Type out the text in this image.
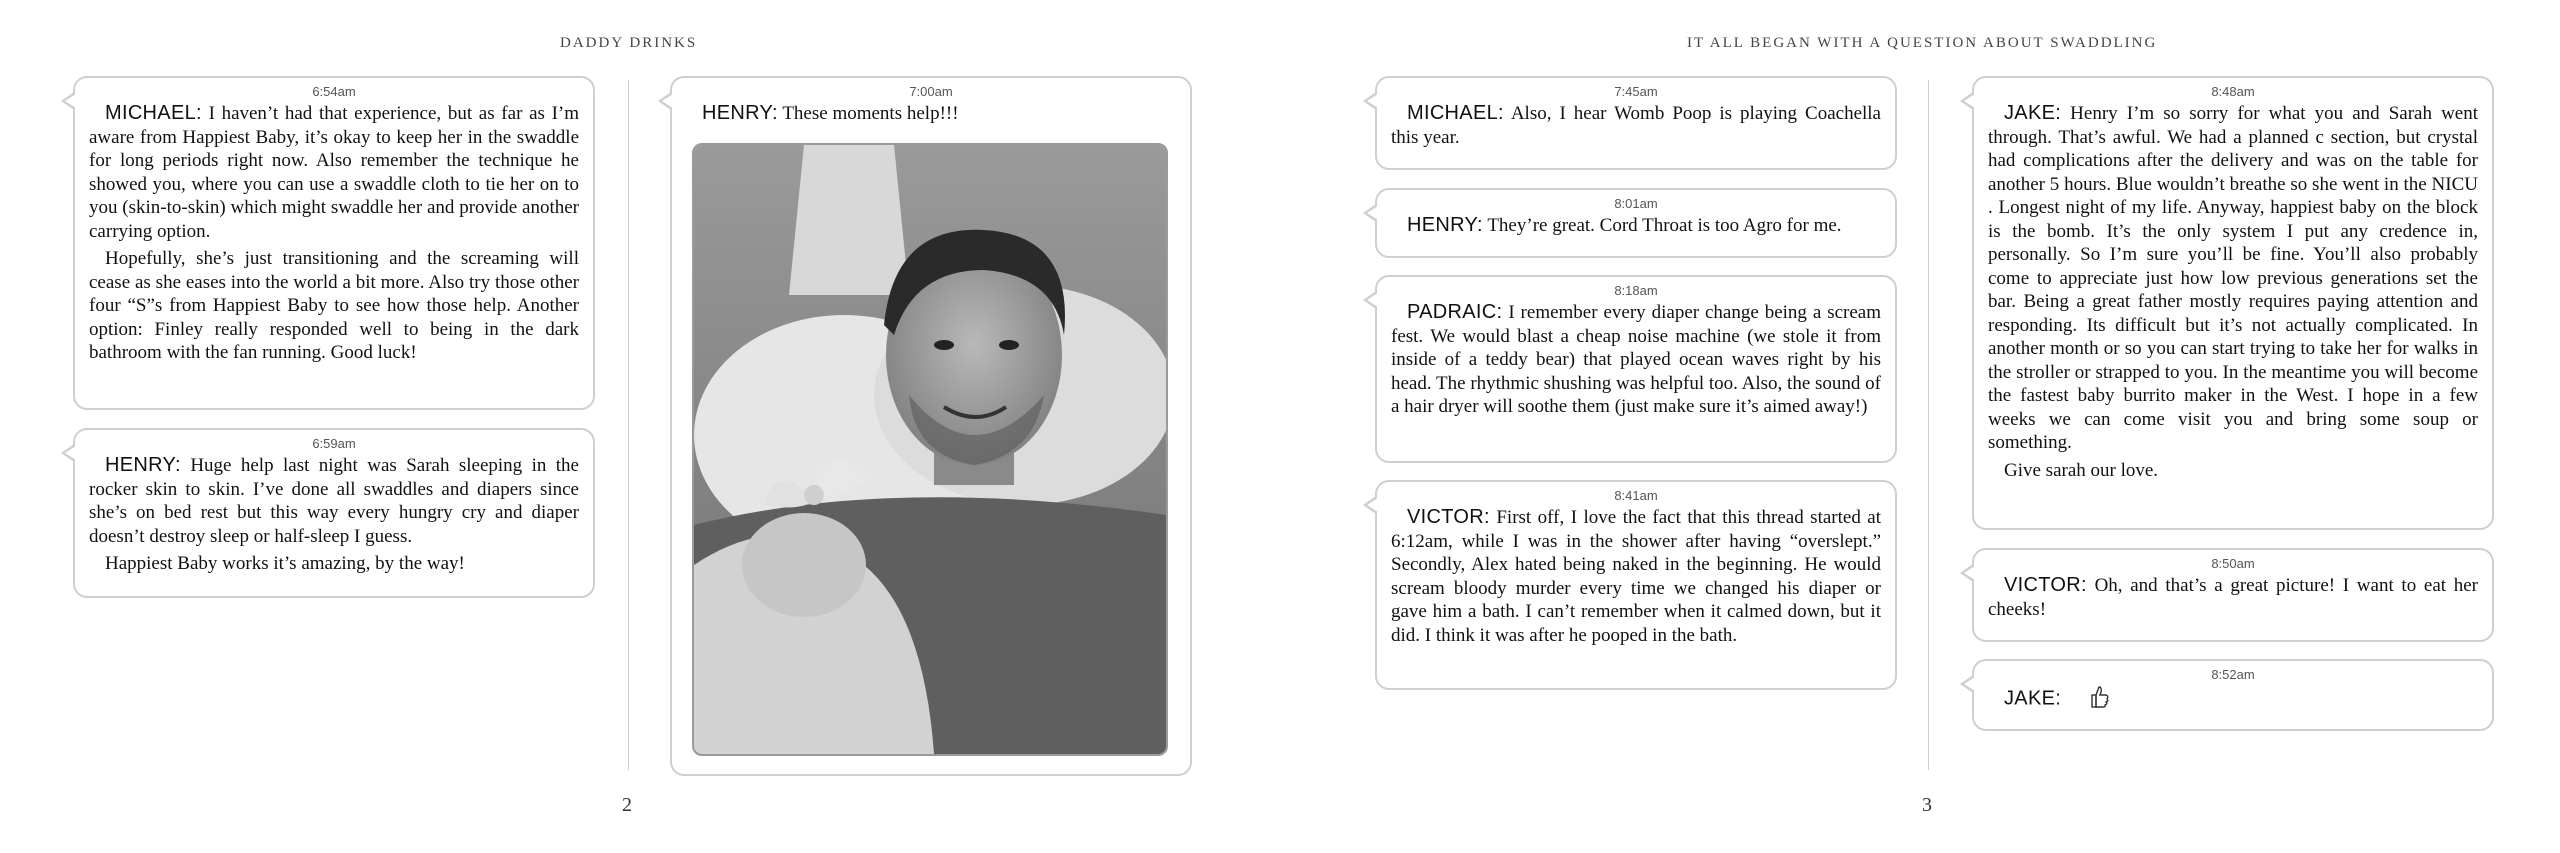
DADDY DRINKS
2
6:54am

MICHAEL: I haven’t had that experience, but as far as I’m aware from Happiest Baby, it’s okay to keep her in the swaddle for long periods right now. Also remember the technique he showed you, where you can use a swaddle cloth to tie her on to you (skin-to-skin) which might swaddle her and provide another carrying option.

Hopefully, she’s just transitioning and the screaming will cease as she eases into the world a bit more. Also try those other four “S”s from Happiest Baby to see how those help. Another option: Finley really responded well to being in the dark bathroom with the fan running. Good luck!

6:59am

HENRY: Huge help last night was Sarah sleeping in the rocker skin to skin. I’ve done all swaddles and diapers since she’s on bed rest but this way every hungry cry and diaper doesn’t destroy sleep or half-sleep I guess.

Happiest Baby works it’s amazing, by the way!

7:00am

HENRY: These moments help!!!

IT ALL BEGAN WITH A QUESTION ABOUT SWADDLING
3
7:45am

MICHAEL: Also, I hear Womb Poop is playing Coachella this year.

8:01am

HENRY: They’re great. Cord Throat is too Agro for me.

8:18am

PADRAIC: I remember every diaper change being a scream fest. We would blast a cheap noise machine (we stole it from inside of a teddy bear) that played ocean waves right by his head. The rhythmic shushing was helpful too. Also, the sound of a hair dryer will soothe them (just make sure it’s aimed away!)

8:41am

VICTOR: First off, I love the fact that this thread started at 6:12am, while I was in the shower after having “overslept.” Secondly, Alex hated being naked in the beginning. He would scream bloody murder every time we changed his diaper or gave him a bath. I can’t remember when it calmed down, but it did. I think it was after he pooped in the bath.

8:48am

JAKE: Henry I’m so sorry for what you and Sarah went through. That’s awful. We had a planned c section, but crystal had complications after the delivery and was on the table for another 5 hours. Blue wouldn’t breathe so she went in the NICU . Longest night of my life. Anyway, happiest baby on the block is the bomb. It’s the only system I put any credence in, personally. So I’m sure you’ll be fine. You’ll also probably come to appreciate just how low previous generations set the bar. Being a great father mostly requires paying attention and responding. Its difficult but it’s not actually complicated. In another month or so you can start trying to take her for walks in the stroller or strapped to you. In the meantime you will become the fastest baby burrito maker in the West. I hope in a few weeks we can come visit you and bring some soup or something.

Give sarah our love.

8:50am

VICTOR: Oh, and that’s a great picture! I want to eat her cheeks!

8:52am

JAKE:
